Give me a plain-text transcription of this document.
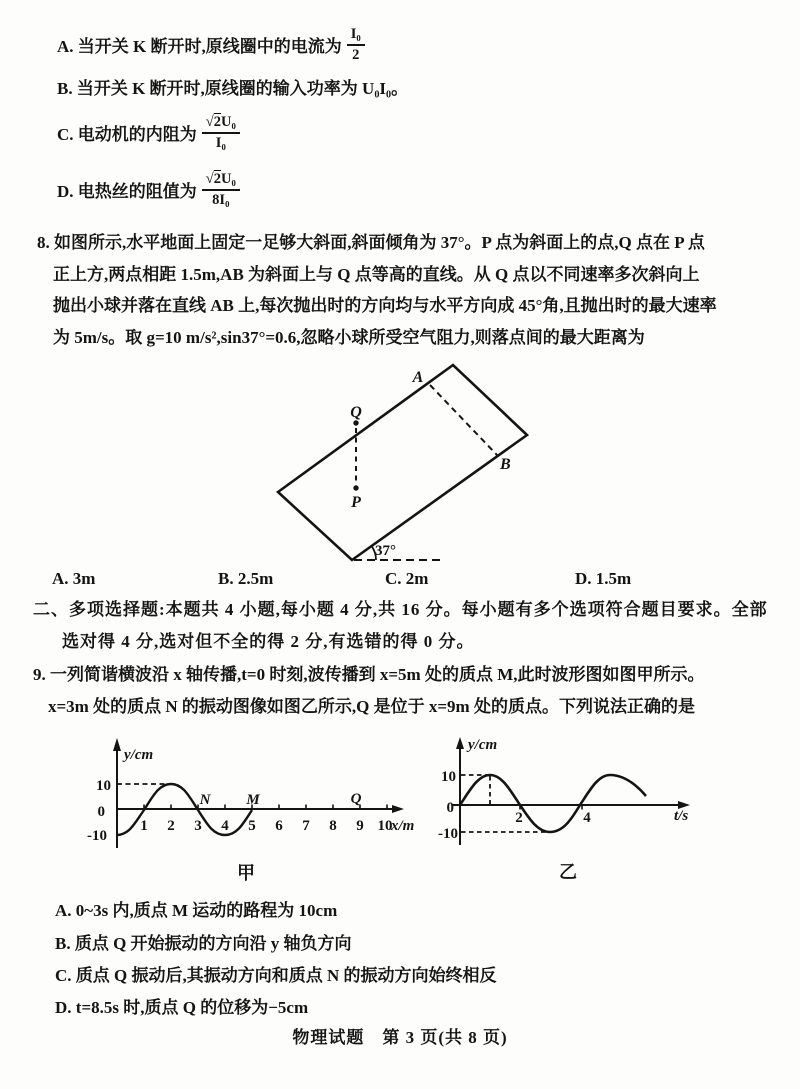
A. 当开关 K 断开时,原线圈中的电流为 $\frac{\text{I₀}}{2}$
B. 当开关 K 断开时,原线圈的输入功率为 U₀I₀。
C. 电动机的内阻为 $\frac{\text{√2U₀}}{\text{I₀}}$
D. 电热丝的阻值为 $\frac{\text{√2U₀}}{\text{8I₀}}$
8. 如图所示,水平地面上固定一足够大斜面,斜面倾角为 37°。P 点为斜面上的点,Q 点在 P 点
正上方,两点相距 1.5m,AB 为斜面上与 Q 点等高的直线。从 Q 点以不同速率多次斜向上
抛出小球并落在直线 AB 上,每次抛出时的方向均与水平方向成 45°角,且抛出时的最大速率
为 5m/s。取 g=10 m/s²,sin37°=0.6,忽略小球所受空气阻力,则落点间的最大距离为
A
B
Q
P
37°
A. 3m	B. 2.5m	C. 2m	D. 1.5m
二、多项选择题:本题共 4 小题,每小题 4 分,共 16 分。每小题有多个选项符合题目要求。全部
选对得 4 分,选对但不全的得 2 分,有选错的得 0 分。
9. 一列简谐横波沿 x 轴传播,t=0 时刻,波传播到 x=5m 处的质点 M,此时波形图如图甲所示。
x=3m 处的质点 N 的振动图像如图乙所示,Q 是位于 x=9m 处的质点。下列说法正确的是
y/cm
x/m
10
0
-10
1 2 3 4 5 6 7 8 9 10
N M	Q
甲
y/cm
t/s
10
0
-10
2	4
乙
A. 0~3s 内,质点 M 运动的路程为 10cm
B. 质点 Q 开始振动的方向沿 y 轴负方向
C. 质点 Q 振动后,其振动方向和质点 N 的振动方向始终相反
D. t=8.5s 时,质点 Q 的位移为−5cm
物理试题　第 3 页(共 8 页)
